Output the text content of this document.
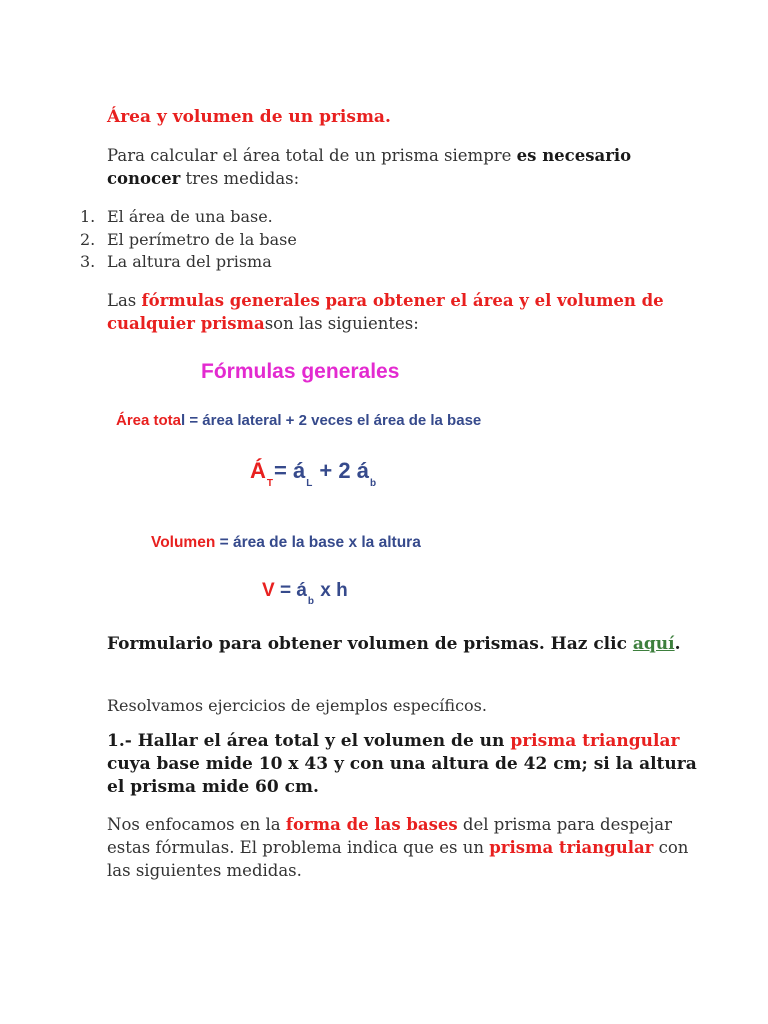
Área y volumen de un prisma.
Para calcular el área total de un prisma siempre es necesario conocer tres medidas:
1. El área de una base.
2. El perímetro de la base
3. La altura del prisma
Las fórmulas generales para obtener el área y el volumen de cualquier prismason las siguientes:
Fórmulas generales
Área total = área lateral + 2 veces el área de la base
$Á_T=$ $á_L + 2$ $á_b$
Volumen = área de la base x la altura
$V = á_b$ x h
Formulario para obtener volumen de prismas. Haz clic aquí.
Resolvamos ejercicios de ejemplos específicos.
1.- Hallar el área total y el volumen de un prisma triangular cuya base mide 10 x 43 y con una altura de 42 cm; si la altura el prisma mide 60 cm.
Nos enfocamos en la forma de las bases del prisma para despejar estas fórmulas. El problema indica que es un prisma triangular con las siguientes medidas.
